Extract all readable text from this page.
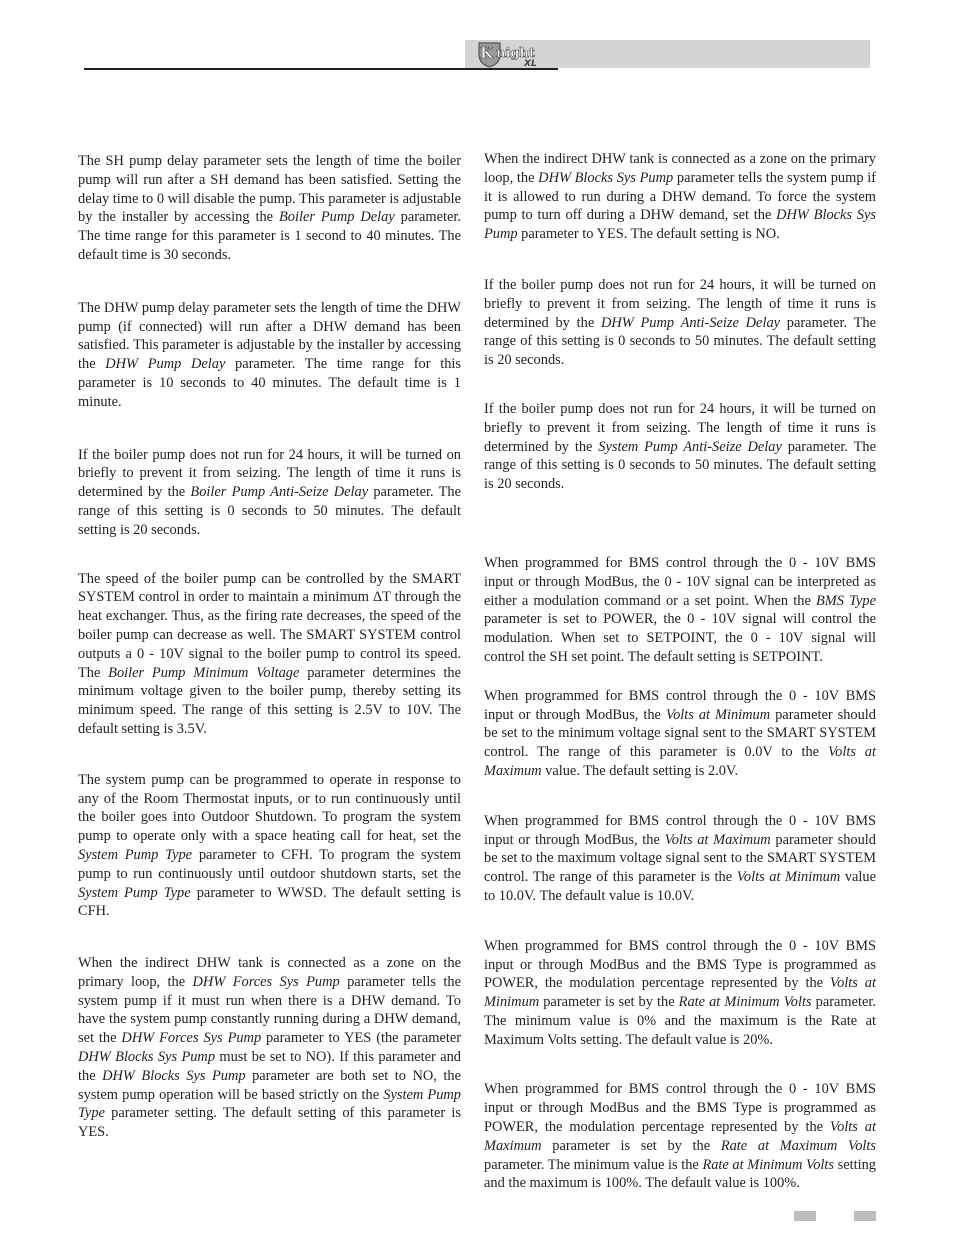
K night
XL

The SH pump delay parameter sets the length of time the boiler pump will run after a SH demand has been satisfied. Setting the delay time to 0 will disable the pump. This parameter is adjustable by the installer by accessing the Boiler Pump Delay parameter. The time range for this parameter is 1 second to 40 minutes. The default time is 30 seconds.

The DHW pump delay parameter sets the length of time the DHW pump (if connected) will run after a DHW demand has been satisfied. This parameter is adjustable by the installer by accessing the DHW Pump Delay parameter. The time range for this parameter is 10 seconds to 40 minutes. The default time is 1 minute.

If the boiler pump does not run for 24 hours, it will be turned on briefly to prevent it from seizing. The length of time it runs is determined by the Boiler Pump Anti-Seize Delay parameter. The range of this setting is 0 seconds to 50 minutes. The default setting is 20 seconds.

The speed of the boiler pump can be controlled by the SMART SYSTEM control in order to maintain a minimum ΔT through the heat exchanger. Thus, as the firing rate decreases, the speed of the boiler pump can decrease as well. The SMART SYSTEM control outputs a 0 - 10V signal to the boiler pump to control its speed. The Boiler Pump Minimum Voltage parameter determines the minimum voltage given to the boiler pump, thereby setting its minimum speed. The range of this setting is 2.5V to 10V. The default setting is 3.5V.

The system pump can be programmed to operate in response to any of the Room Thermostat inputs, or to run continuously until the boiler goes into Outdoor Shutdown. To program the system pump to operate only with a space heating call for heat, set the System Pump Type parameter to CFH. To program the system pump to run continuously until outdoor shutdown starts, set the System Pump Type parameter to WWSD. The default setting is CFH.

When the indirect DHW tank is connected as a zone on the primary loop, the DHW Forces Sys Pump parameter tells the system pump if it must run when there is a DHW demand. To have the system pump constantly running during a DHW demand, set the DHW Forces Sys Pump parameter to YES (the parameter DHW Blocks Sys Pump must be set to NO). If this parameter and the DHW Blocks Sys Pump parameter are both set to NO, the system pump operation will be based strictly on the System Pump Type parameter setting. The default setting of this parameter is YES.

When the indirect DHW tank is connected as a zone on the primary loop, the DHW Blocks Sys Pump parameter tells the system pump if it is allowed to run during a DHW demand. To force the system pump to turn off during a DHW demand, set the DHW Blocks Sys Pump parameter to YES. The default setting is NO.

If the boiler pump does not run for 24 hours, it will be turned on briefly to prevent it from seizing. The length of time it runs is determined by the DHW Pump Anti-Seize Delay parameter. The range of this setting is 0 seconds to 50 minutes. The default setting is 20 seconds.

If the boiler pump does not run for 24 hours, it will be turned on briefly to prevent it from seizing. The length of time it runs is determined by the System Pump Anti-Seize Delay parameter. The range of this setting is 0 seconds to 50 minutes. The default setting is 20 seconds.

When programmed for BMS control through the 0 - 10V BMS input or through ModBus, the 0 - 10V signal can be interpreted as either a modulation command or a set point. When the BMS Type parameter is set to POWER, the 0 - 10V signal will control the modulation. When set to SETPOINT, the 0 - 10V signal will control the SH set point. The default setting is SETPOINT.

When programmed for BMS control through the 0 - 10V BMS input or through ModBus, the Volts at Minimum parameter should be set to the minimum voltage signal sent to the SMART SYSTEM control. The range of this parameter is 0.0V to the Volts at Maximum value. The default setting is 2.0V.

When programmed for BMS control through the 0 - 10V BMS input or through ModBus, the Volts at Maximum parameter should be set to the maximum voltage signal sent to the SMART SYSTEM control. The range of this parameter is the Volts at Minimum value to 10.0V. The default value is 10.0V.

When programmed for BMS control through the 0 - 10V BMS input or through ModBus and the BMS Type is programmed as POWER, the modulation percentage represented by the Volts at Minimum parameter is set by the Rate at Minimum Volts parameter. The minimum value is 0% and the maximum is the Rate at Maximum Volts setting. The default value is 20%.

When programmed for BMS control through the 0 - 10V BMS input or through ModBus and the BMS Type is programmed as POWER, the modulation percentage represented by the Volts at Maximum parameter is set by the Rate at Maximum Volts parameter. The minimum value is the Rate at Minimum Volts setting and the maximum is 100%. The default value is 100%.
